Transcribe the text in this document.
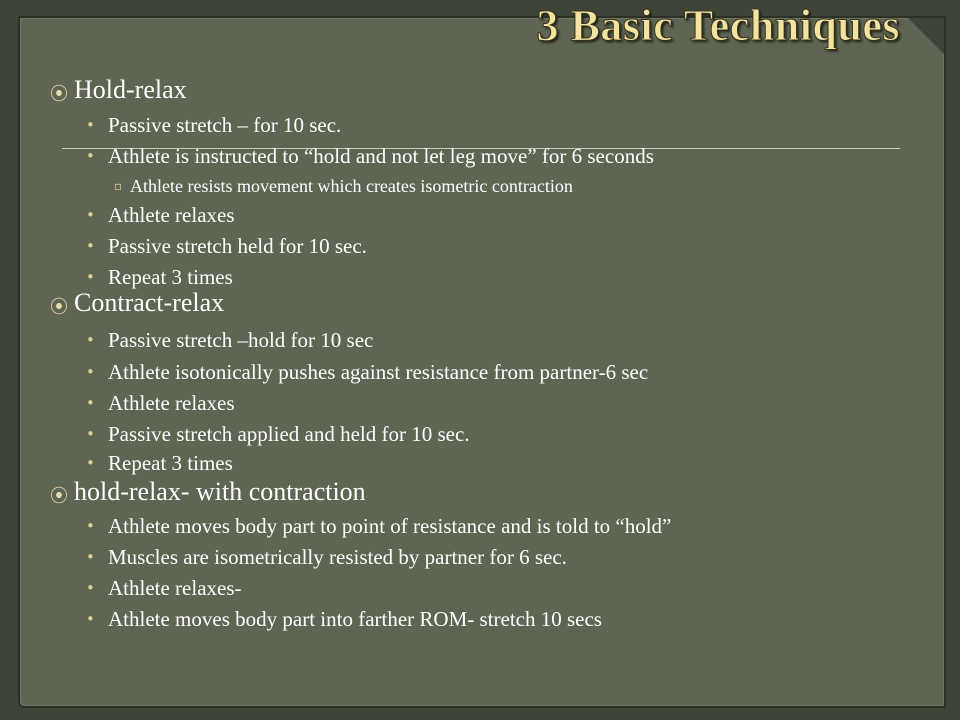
3 Basic Techniques
⦿ Hold-relax
• Passive stretch – for 10 sec.
• Athlete is instructed to “hold and not let leg move” for 6 seconds
▫ Athlete resists movement which creates isometric contraction
• Athlete relaxes
• Passive stretch held for 10 sec.
• Repeat 3 times
⦿ Contract-relax
• Passive stretch –hold for 10 sec
• Athlete isotonically pushes against resistance from partner-6 sec
• Athlete relaxes
• Passive stretch applied and held for 10 sec.
• Repeat 3 times
⦿ hold-relax- with contraction
• Athlete moves body part to point of resistance and is told to “hold”
• Muscles are isometrically resisted by partner for 6 sec.
• Athlete relaxes-
• Athlete moves body part into farther ROM- stretch 10 secs
